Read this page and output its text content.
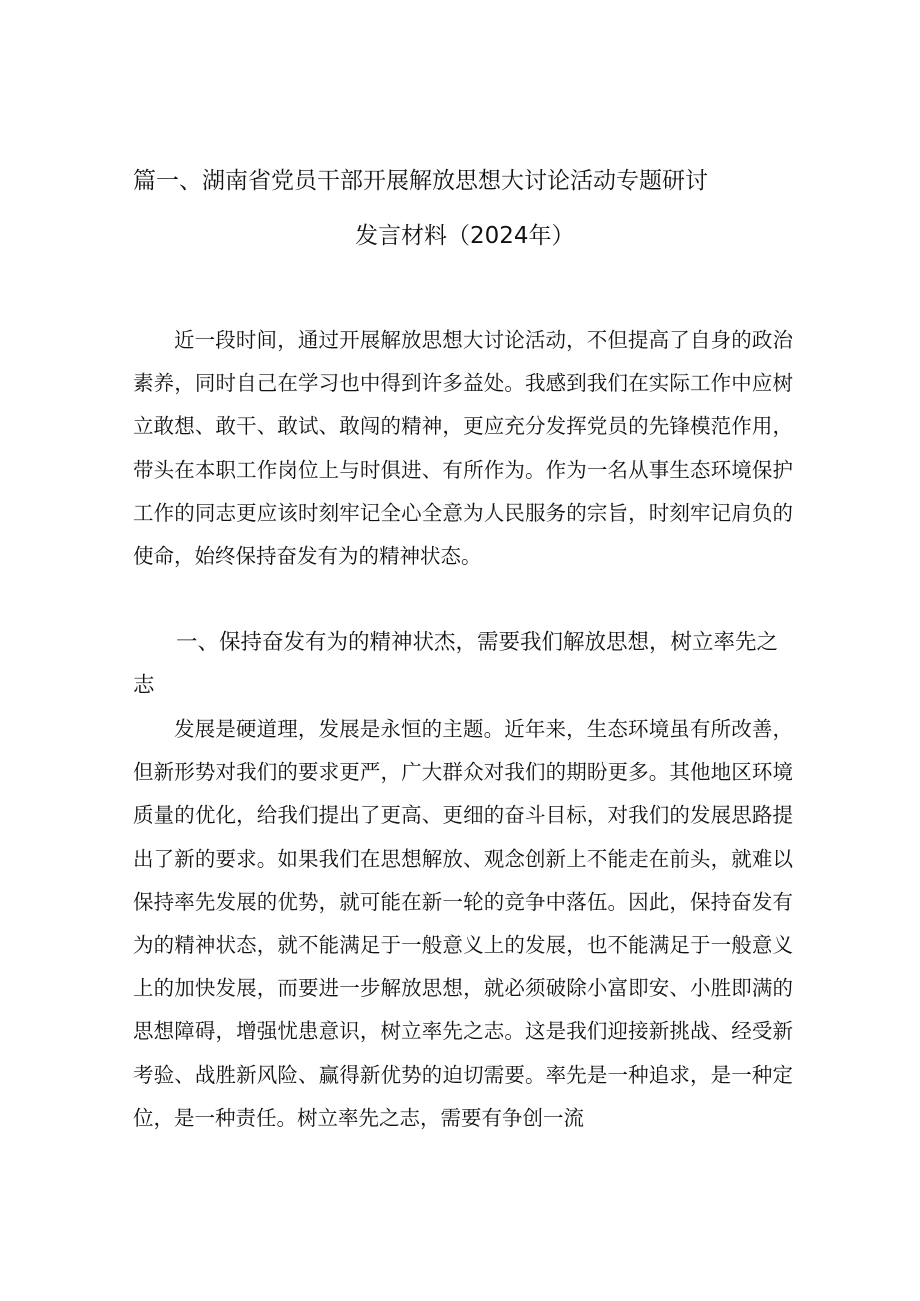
篇一、湖南省党员干部开展解放思想大讨论活动专题研讨
发言材料（2024年）
近一段时间，通过开展解放思想大讨论活动，不但提高了自身的政治素养，同时自己在学习也中得到许多益处。我感到我们在实际工作中应树立敢想、敢干、敢试、敢闯的精神，更应充分发挥党员的先锋模范作用，带头在本职工作岗位上与时俱进、有所作为。作为一名从事生态环境保护工作的同志更应该时刻牢记全心全意为人民服务的宗旨，时刻牢记肩负的使命，始终保持奋发有为的精神状态。
一、保持奋发有为的精神状杰，需要我们解放思想，树立率先之志
发展是硬道理，发展是永恒的主题。近年来，生态环境虽有所改善，但新形势对我们的要求更严，广大群众对我们的期盼更多。其他地区环境质量的优化，给我们提出了更高、更细的奋斗目标，对我们的发展思路提出了新的要求。如果我们在思想解放、观念创新上不能走在前头，就难以保持率先发展的优势，就可能在新一轮的竞争中落伍。因此，保持奋发有为的精神状态，就不能满足于一般意义上的发展，也不能满足于一般意义上的加快发展，而要进一步解放思想，就必须破除小富即安、小胜即满的思想障碍，增强忧患意识，树立率先之志。这是我们迎接新挑战、经受新考验、战胜新风险、赢得新优势的迫切需要。率先是一种追求，是一种定位，是一种责任。树立率先之志，需要有争创一流
